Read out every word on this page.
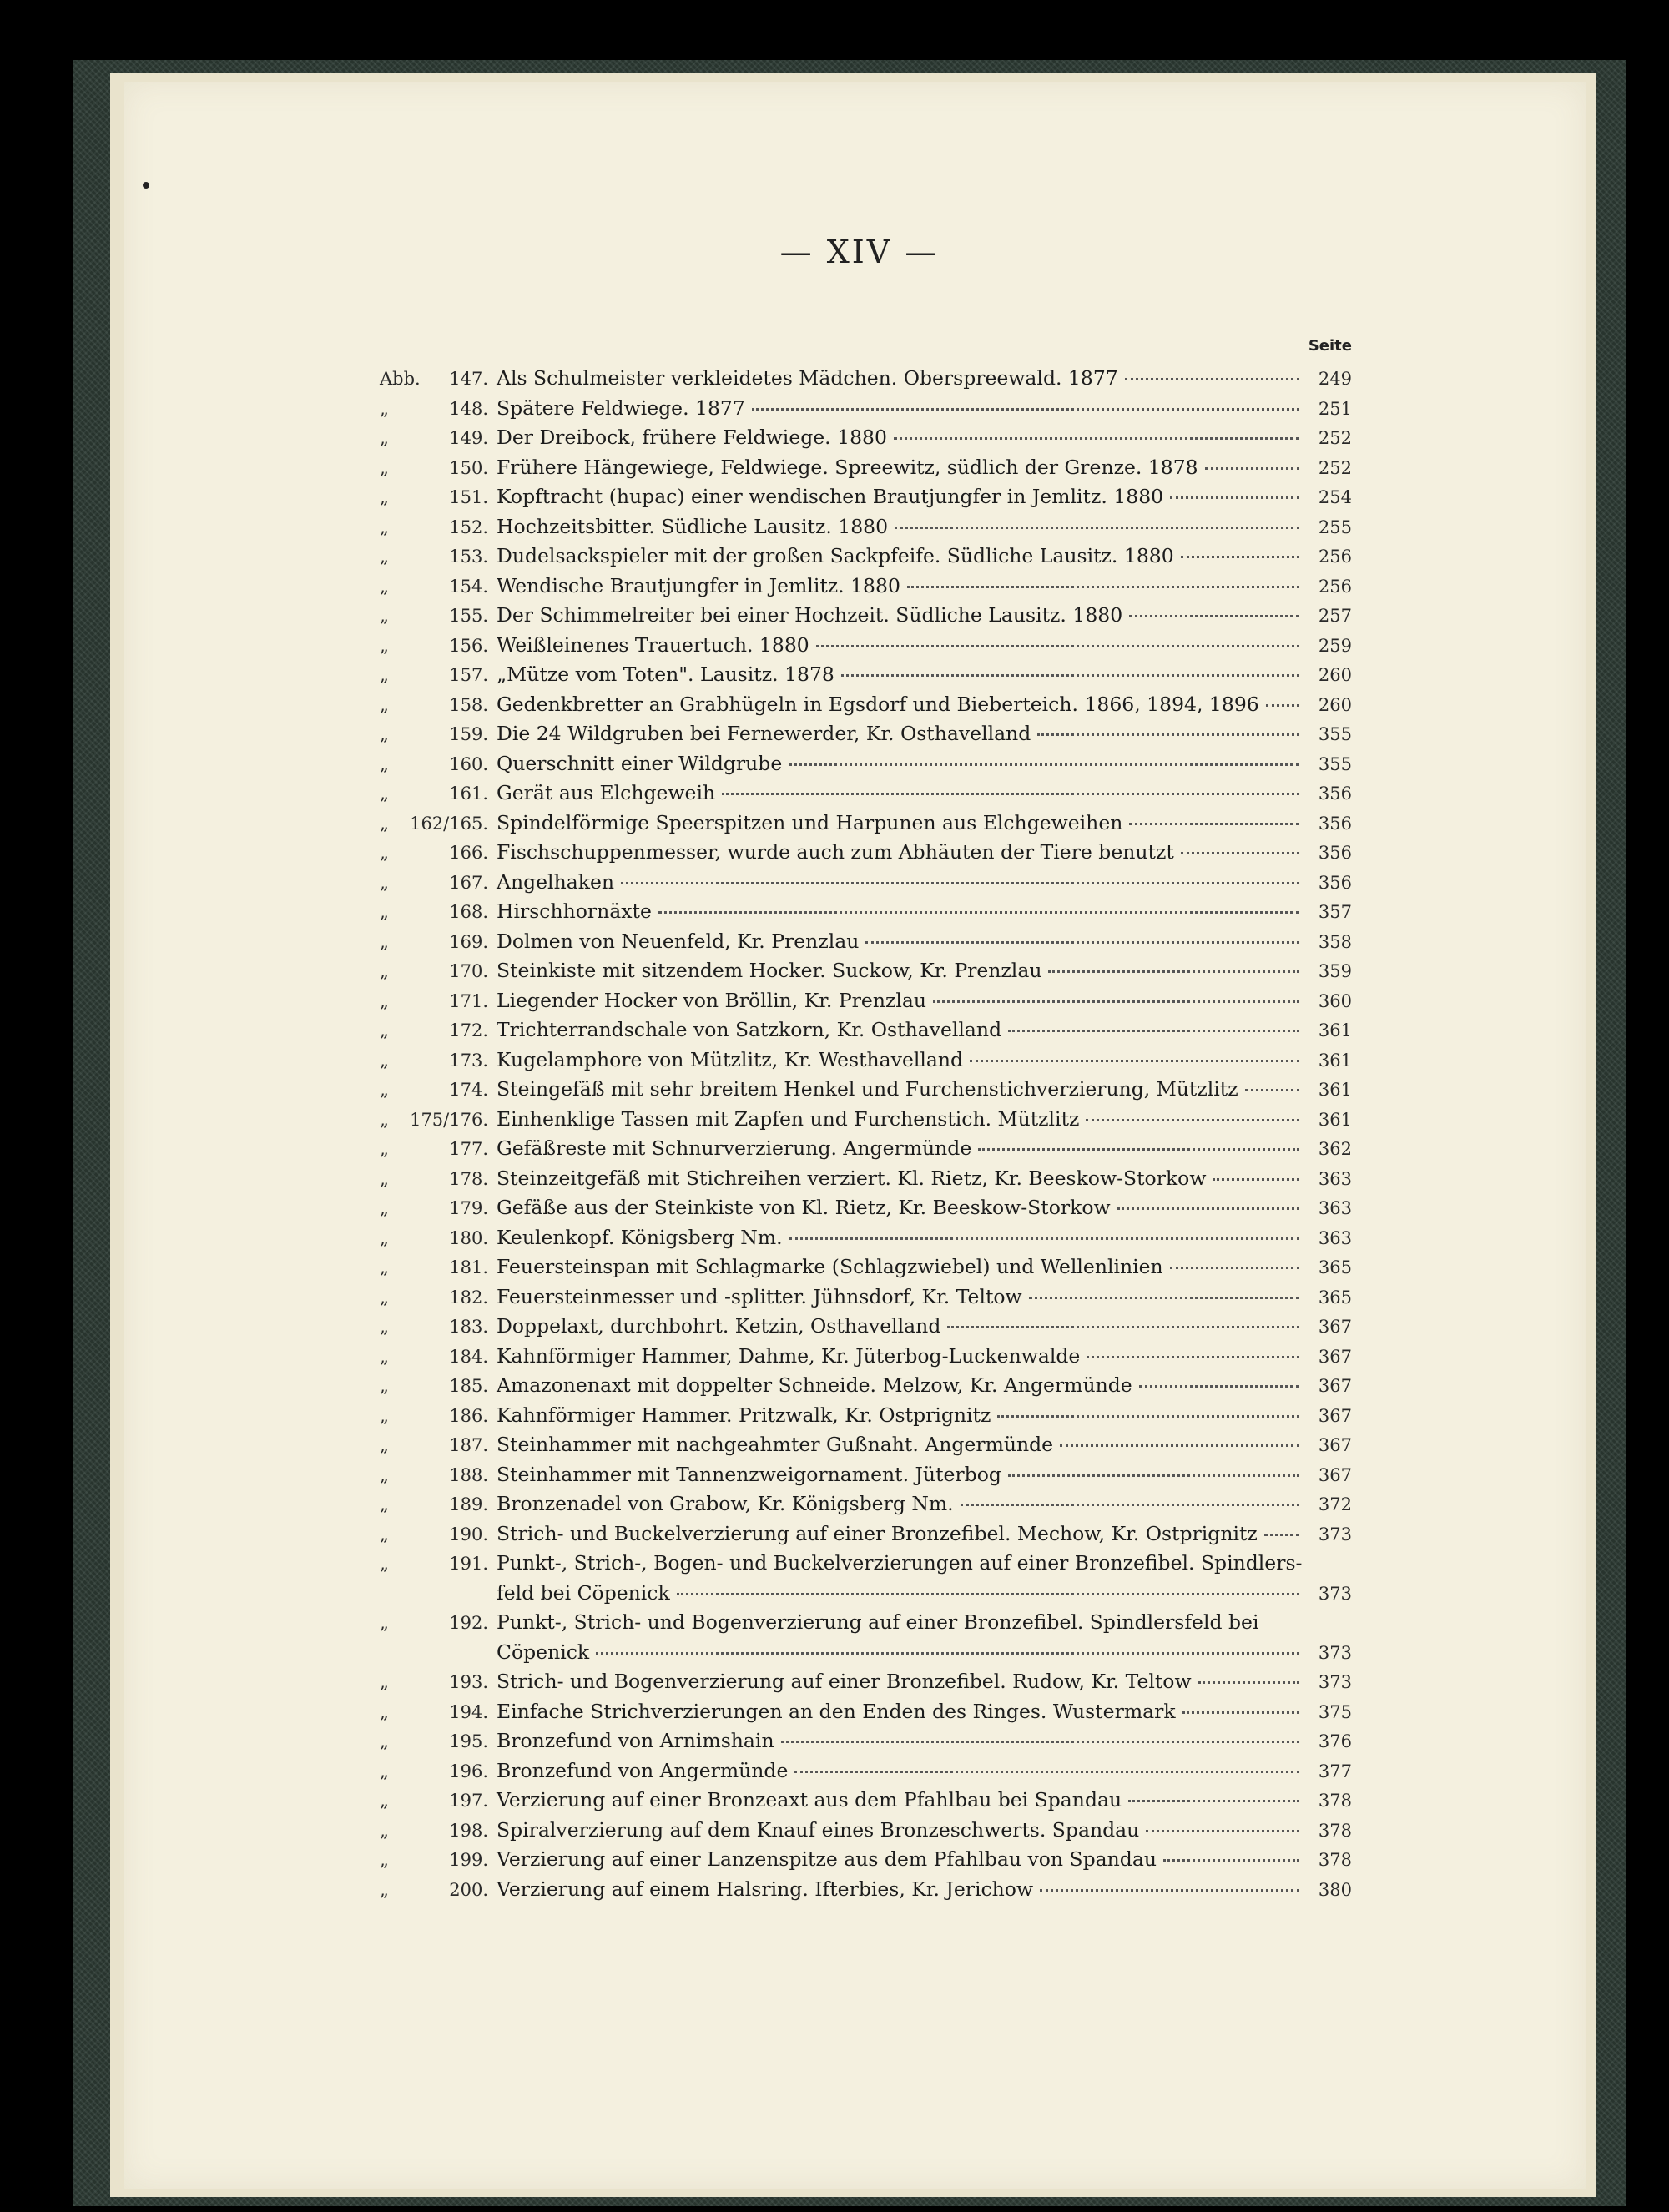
— XIV —
Seite
Abb.	147. Als Schulmeister verkleidetes Mädchen. Oberspreewald. 1877	249
„	148. Spätere Feldwiege. 1877	251
„	149. Der Dreibock, frühere Feldwiege. 1880	252
„	150. Frühere Hängewiege, Feldwiege. Spreewitz, südlich der Grenze. 1878	252
„	151. Kopftracht (hupac) einer wendischen Brautjungfer in Jemlitz. 1880	254
„	152. Hochzeitsbitter. Südliche Lausitz. 1880	255
„	153. Dudelsackspieler mit der großen Sackpfeife. Südliche Lausitz. 1880	256
„	154. Wendische Brautjungfer in Jemlitz. 1880	256
„	155. Der Schimmelreiter bei einer Hochzeit. Südliche Lausitz. 1880	257
„	156. Weißleinenes Trauertuch. 1880	259
„	157. „Mütze vom Toten". Lausitz. 1878	260
„	158. Gedenkbretter an Grabhügeln in Egsdorf und Bieberteich. 1866, 1894, 1896	260
„	159. Die 24 Wildgruben bei Fernewerder, Kr. Osthavelland	355
„	160. Querschnitt einer Wildgrube	355
„	161. Gerät aus Elchgeweih	356
„	162/165. Spindelförmige Speerspitzen und Harpunen aus Elchgeweihen	356
„	166. Fischschuppenmesser, wurde auch zum Abhäuten der Tiere benutzt	356
„	167. Angelhaken	356
„	168. Hirschhornäxte	357
„	169. Dolmen von Neuenfeld, Kr. Prenzlau	358
„	170. Steinkiste mit sitzendem Hocker. Suckow, Kr. Prenzlau	359
„	171. Liegender Hocker von Bröllin, Kr. Prenzlau	360
„	172. Trichterrandschale von Satzkorn, Kr. Osthavelland	361
„	173. Kugelamphore von Mützlitz, Kr. Westhavelland	361
„	174. Steingefäß mit sehr breitem Henkel und Furchenstichverzierung, Mützlitz	361
„	175/176. Einhenklige Tassen mit Zapfen und Furchenstich. Mützlitz	361
„	177. Gefäßreste mit Schnurverzierung. Angermünde	362
„	178. Steinzeitgefäß mit Stichreihen verziert. Kl. Rietz, Kr. Beeskow-Storkow	363
„	179. Gefäße aus der Steinkiste von Kl. Rietz, Kr. Beeskow-Storkow	363
„	180. Keulenkopf. Königsberg Nm.	363
„	181. Feuersteinspan mit Schlagmarke (Schlagzwiebel) und Wellenlinien	365
„	182. Feuersteinmesser und -splitter. Jühnsdorf, Kr. Teltow	365
„	183. Doppelaxt, durchbohrt. Ketzin, Osthavelland	367
„	184. Kahnförmiger Hammer, Dahme, Kr. Jüterbog-Luckenwalde	367
„	185. Amazonenaxt mit doppelter Schneide. Melzow, Kr. Angermünde	367
„	186. Kahnförmiger Hammer. Pritzwalk, Kr. Ostprignitz	367
„	187. Steinhammer mit nachgeahmter Gußnaht. Angermünde	367
„	188. Steinhammer mit Tannenzweigornament. Jüterbog	367
„	189. Bronzenadel von Grabow, Kr. Königsberg Nm.	372
„	190. Strich- und Buckelverzierung auf einer Bronzefibel. Mechow, Kr. Ostprignitz	373
„	191. Punkt-, Strich-, Bogen- und Buckelverzierungen auf einer Bronzefibel. Spindlers-
feld bei Cöpenick	373
„	192. Punkt-, Strich- und Bogenverzierung auf einer Bronzefibel. Spindlersfeld bei
Cöpenick	373
„	193. Strich- und Bogenverzierung auf einer Bronzefibel. Rudow, Kr. Teltow	373
„	194. Einfache Strichverzierungen an den Enden des Ringes. Wustermark	375
„	195. Bronzefund von Arnimshain	376
„	196. Bronzefund von Angermünde	377
„	197. Verzierung auf einer Bronzeaxt aus dem Pfahlbau bei Spandau	378
„	198. Spiralverzierung auf dem Knauf eines Bronzeschwerts. Spandau	378
„	199. Verzierung auf einer Lanzenspitze aus dem Pfahlbau von Spandau	378
„	200. Verzierung auf einem Halsring. Ifterbies, Kr. Jerichow	380
